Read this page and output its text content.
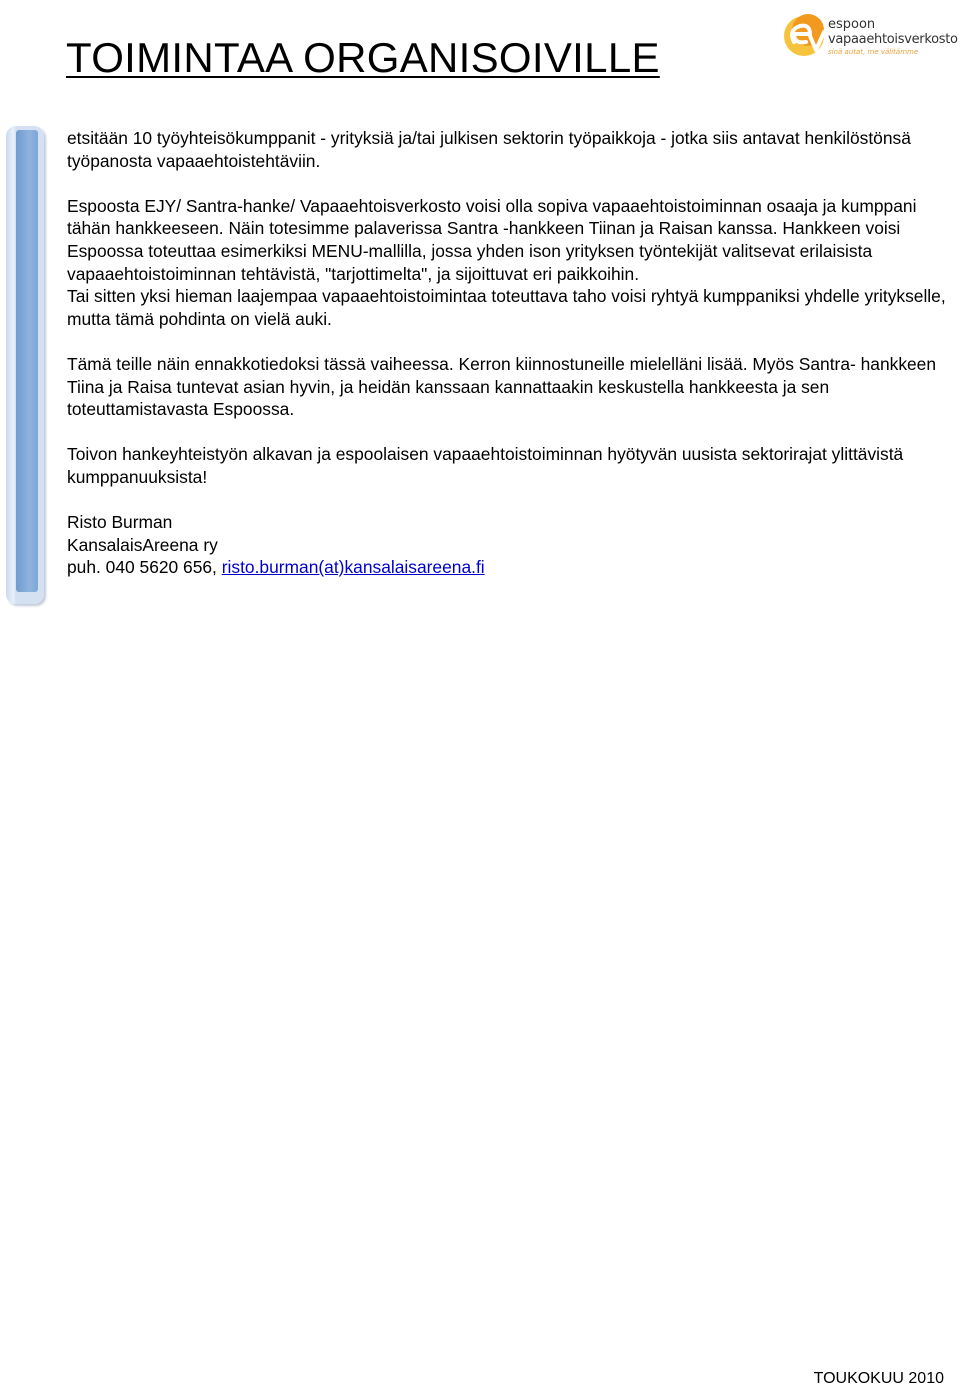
TOIMINTAA ORGANISOIVILLE
espoon
vapaaehtoisverkosto
sinä autat, me välitämme

etsitään 10 työyhteisökumppanit - yrityksiä ja/tai julkisen sektorin työpaikkoja - jotka siis antavat henkilöstönsä työpanosta vapaaehtoistehtäviin.

Espoosta EJY/ Santra-hanke/ Vapaaehtoisverkosto voisi olla sopiva vapaaehtoistoiminnan osaaja ja kumppani tähän hankkeeseen. Näin totesimme palaverissa Santra -hankkeen Tiinan ja Raisan kanssa. Hankkeen voisi Espoossa toteuttaa esimerkiksi MENU-mallilla, jossa yhden ison yrityksen työntekijät valitsevat erilaisista vapaaehtoistoiminnan tehtävistä, "tarjottimelta", ja sijoittuvat eri paikkoihin.

Tai sitten yksi hieman laajempaa vapaaehtoistoimintaa toteuttava taho voisi ryhtyä kumppaniksi yhdelle yritykselle, mutta tämä pohdinta on vielä auki.

Tämä teille näin ennakkotiedoksi tässä vaiheessa. Kerron kiinnostuneille mielelläni lisää. Myös Santra- hankkeen Tiina ja Raisa tuntevat asian hyvin, ja heidän kanssaan kannattaakin keskustella hankkeesta ja sen toteuttamistavasta Espoossa.

Toivon hankeyhteistyön alkavan ja espoolaisen vapaaehtoistoiminnan hyötyvän uusista sektorirajat ylittävistä kumppanuuksista!

Risto Burman

KansalaisAreena ry

puh. 040 5620 656, risto.burman(at)kansalaisareena.fi

TOUKOKUU 2010
